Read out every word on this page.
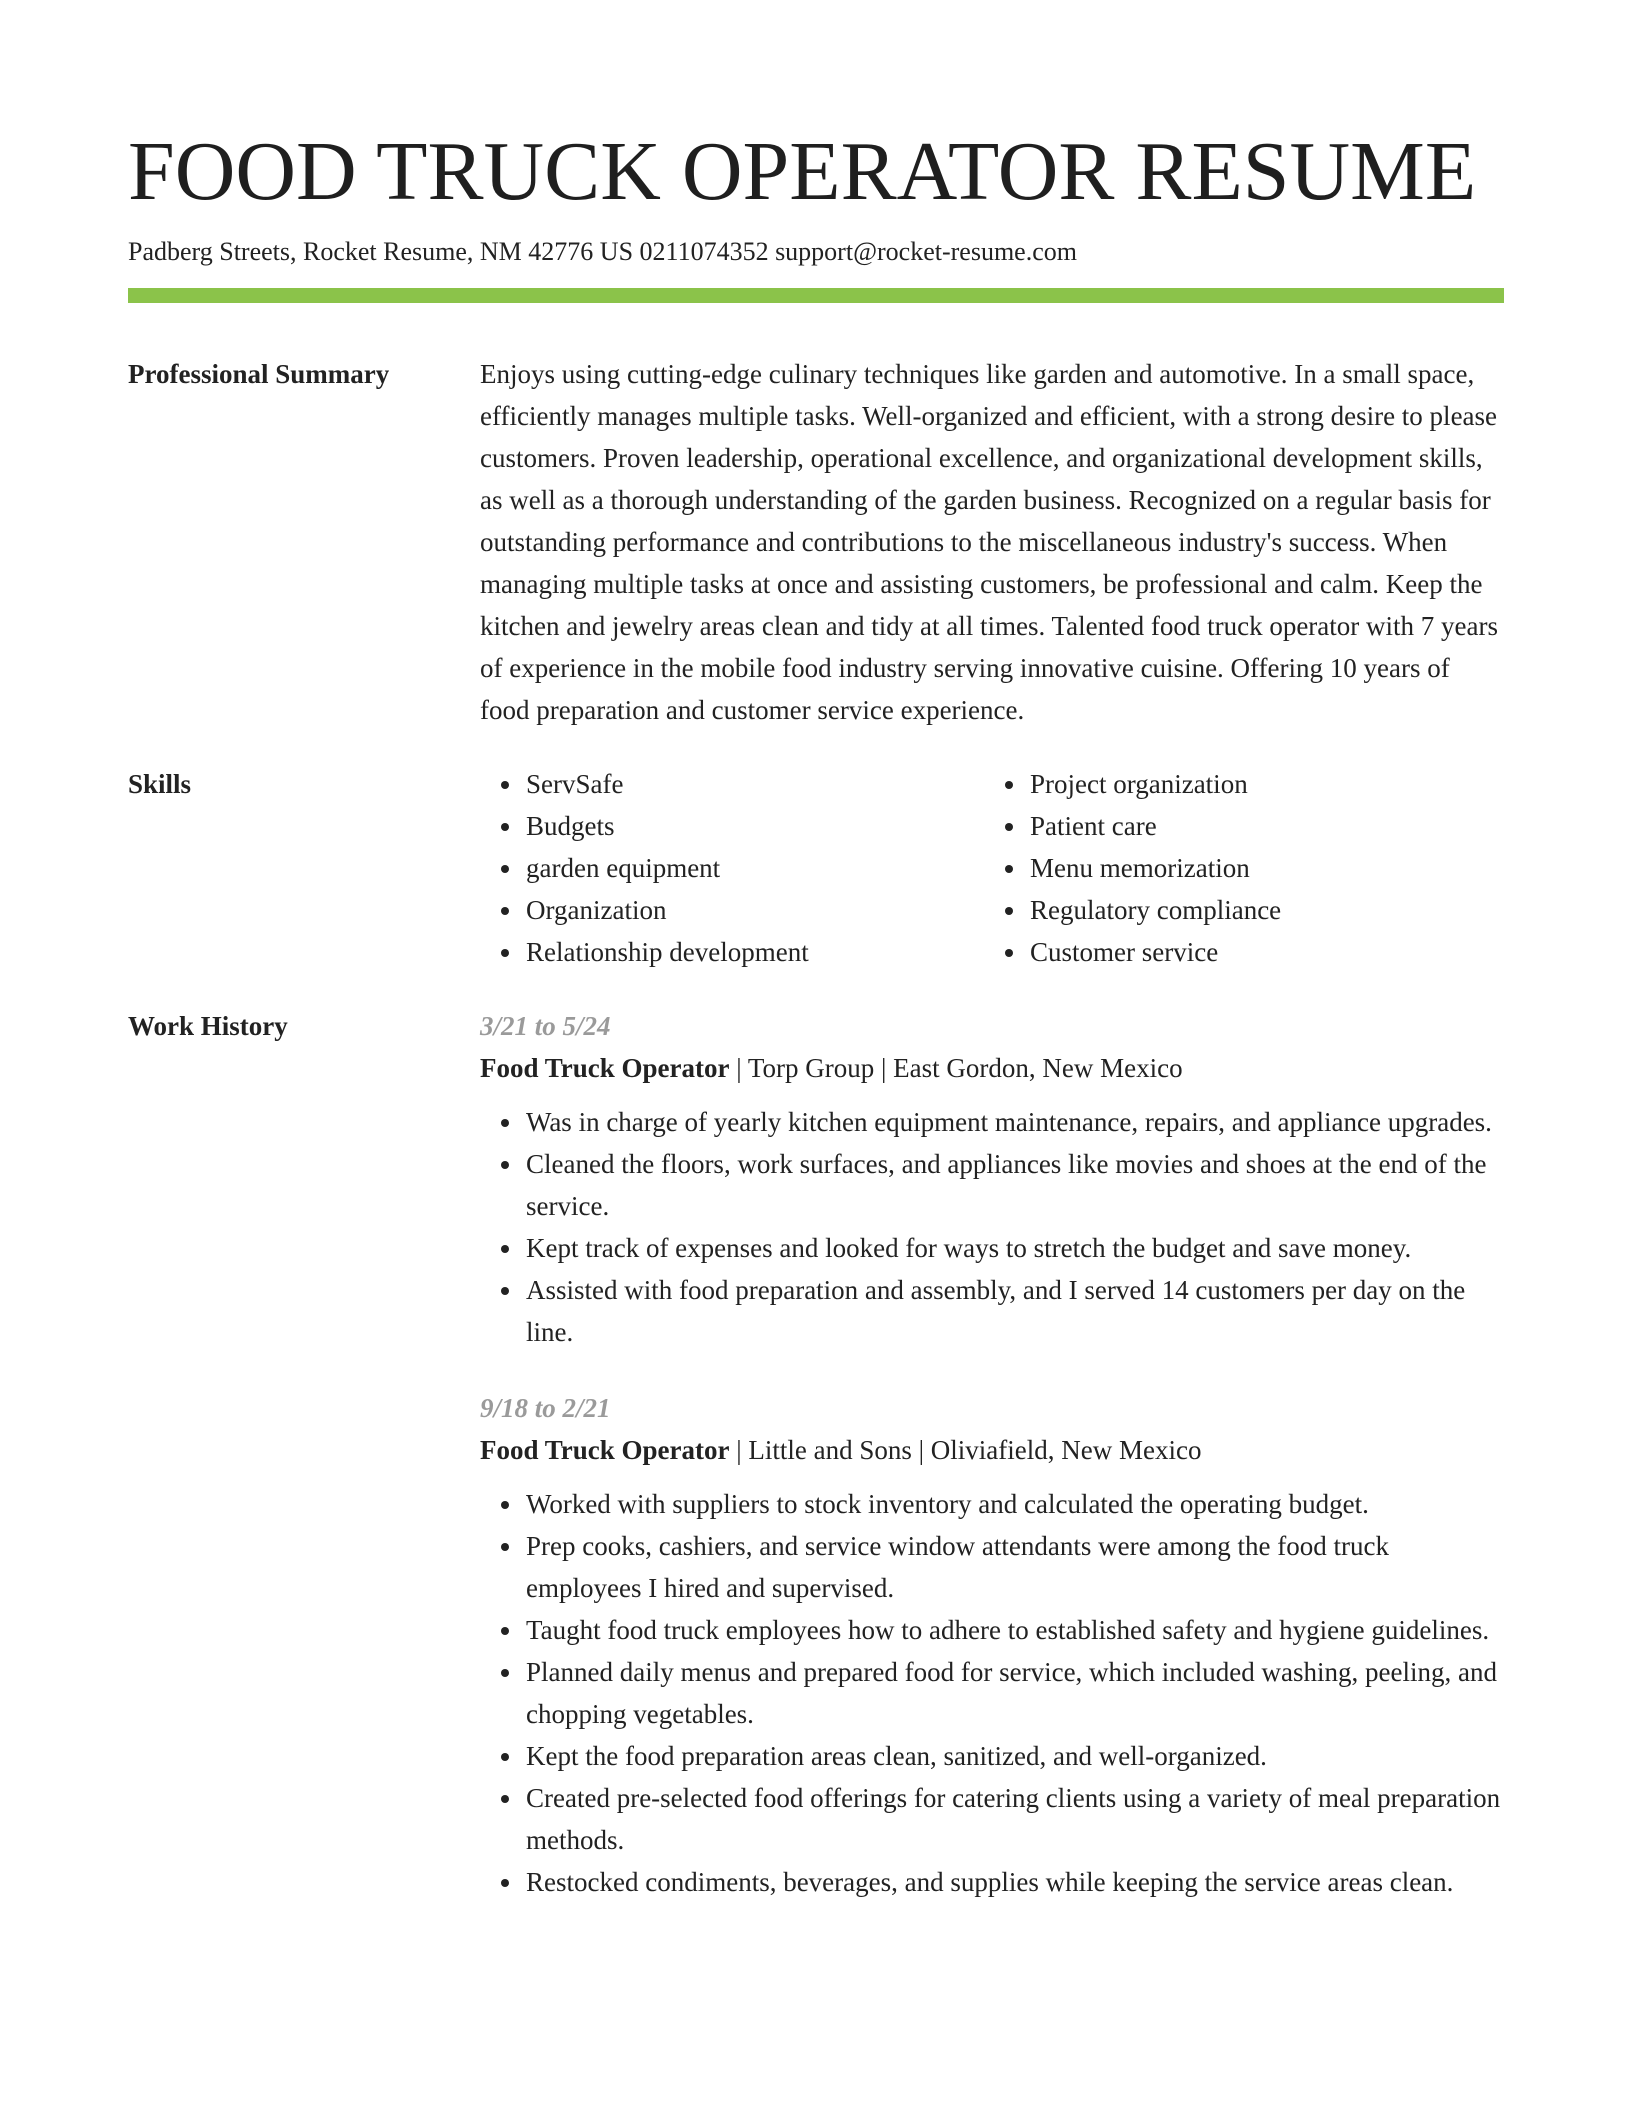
FOOD TRUCK OPERATOR RESUME
Padberg Streets, Rocket Resume, NM 42776 US 0211074352 support@rocket-resume.com
Professional Summary	Enjoys using cutting-edge culinary techniques like garden and automotive. In a small space, efficiently manages multiple tasks. Well-organized and efficient, with a strong desire to please customers. Proven leadership, operational excellence, and organizational development skills, as well as a thorough understanding of the garden business. Recognized on a regular basis for outstanding performance and contributions to the miscellaneous industry's success. When managing multiple tasks at once and assisting customers, be professional and calm. Keep the kitchen and jewelry areas clean and tidy at all times. Talented food truck operator with 7 years of experience in the mobile food industry serving innovative cuisine. Offering 10 years of food preparation and customer service experience.
Skills
•	ServSafe
• Budgets
• garden equipment
• Organization
• Relationship development
• Project organization
• Patient care
• Menu memorization
• Regulatory compliance
• Customer service
Work History	3/21 to 5/24
Food Truck Operator | Torp Group | East Gordon, New Mexico
• Was in charge of yearly kitchen equipment maintenance, repairs, and appliance upgrades.
• Cleaned the floors, work surfaces, and appliances like movies and shoes at the end of the service.
• Kept track of expenses and looked for ways to stretch the budget and save money.
• Assisted with food preparation and assembly, and I served 14 customers per day on the line.
9/18 to 2/21
Food Truck Operator | Little and Sons | Oliviafield, New Mexico
• Worked with suppliers to stock inventory and calculated the operating budget.
• Prep cooks, cashiers, and service window attendants were among the food truck employees I hired and supervised.
• Taught food truck employees how to adhere to established safety and hygiene guidelines.
• Planned daily menus and prepared food for service, which included washing, peeling, and chopping vegetables.
• Kept the food preparation areas clean, sanitized, and well-organized.
• Created pre-selected food offerings for catering clients using a variety of meal preparation methods.
• Restocked condiments, beverages, and supplies while keeping the service areas clean.
